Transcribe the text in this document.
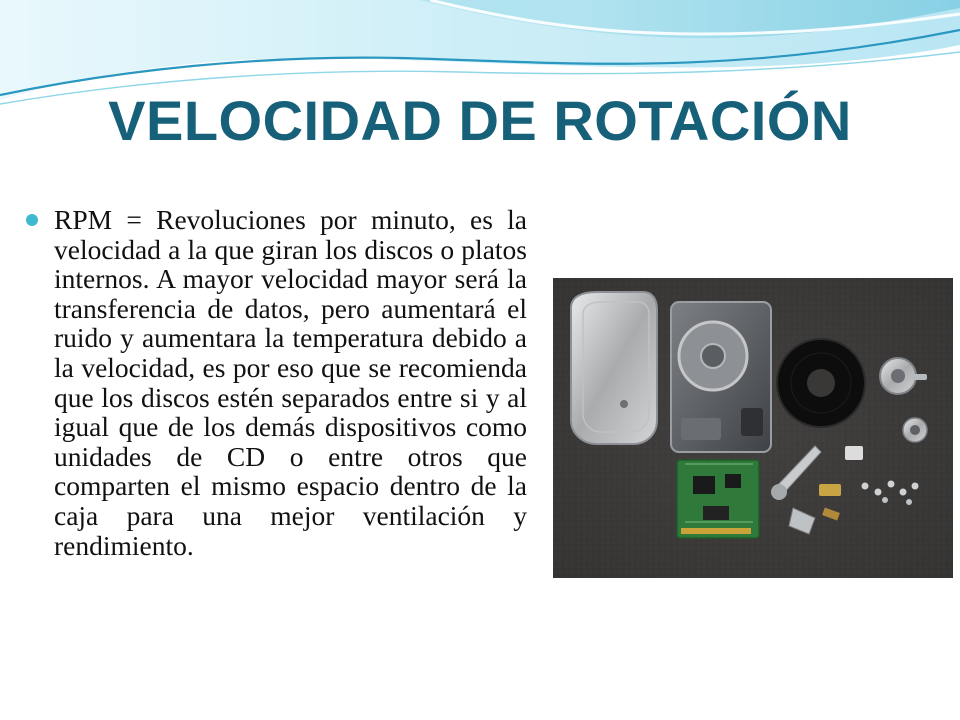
VELOCIDAD DE ROTACIÓN

RPM = Revoluciones por minuto, es la velocidad a la que giran los discos o platos internos. A mayor velocidad mayor será la transferencia de datos, pero aumentará el ruido y aumentara la temperatura debido a la velocidad, es por eso que se recomienda que los discos estén separados entre si y al igual que de los demás dispositivos como unidades de CD o entre otros que comparten el mismo espacio dentro de la caja para una mejor ventilación y rendimiento.
